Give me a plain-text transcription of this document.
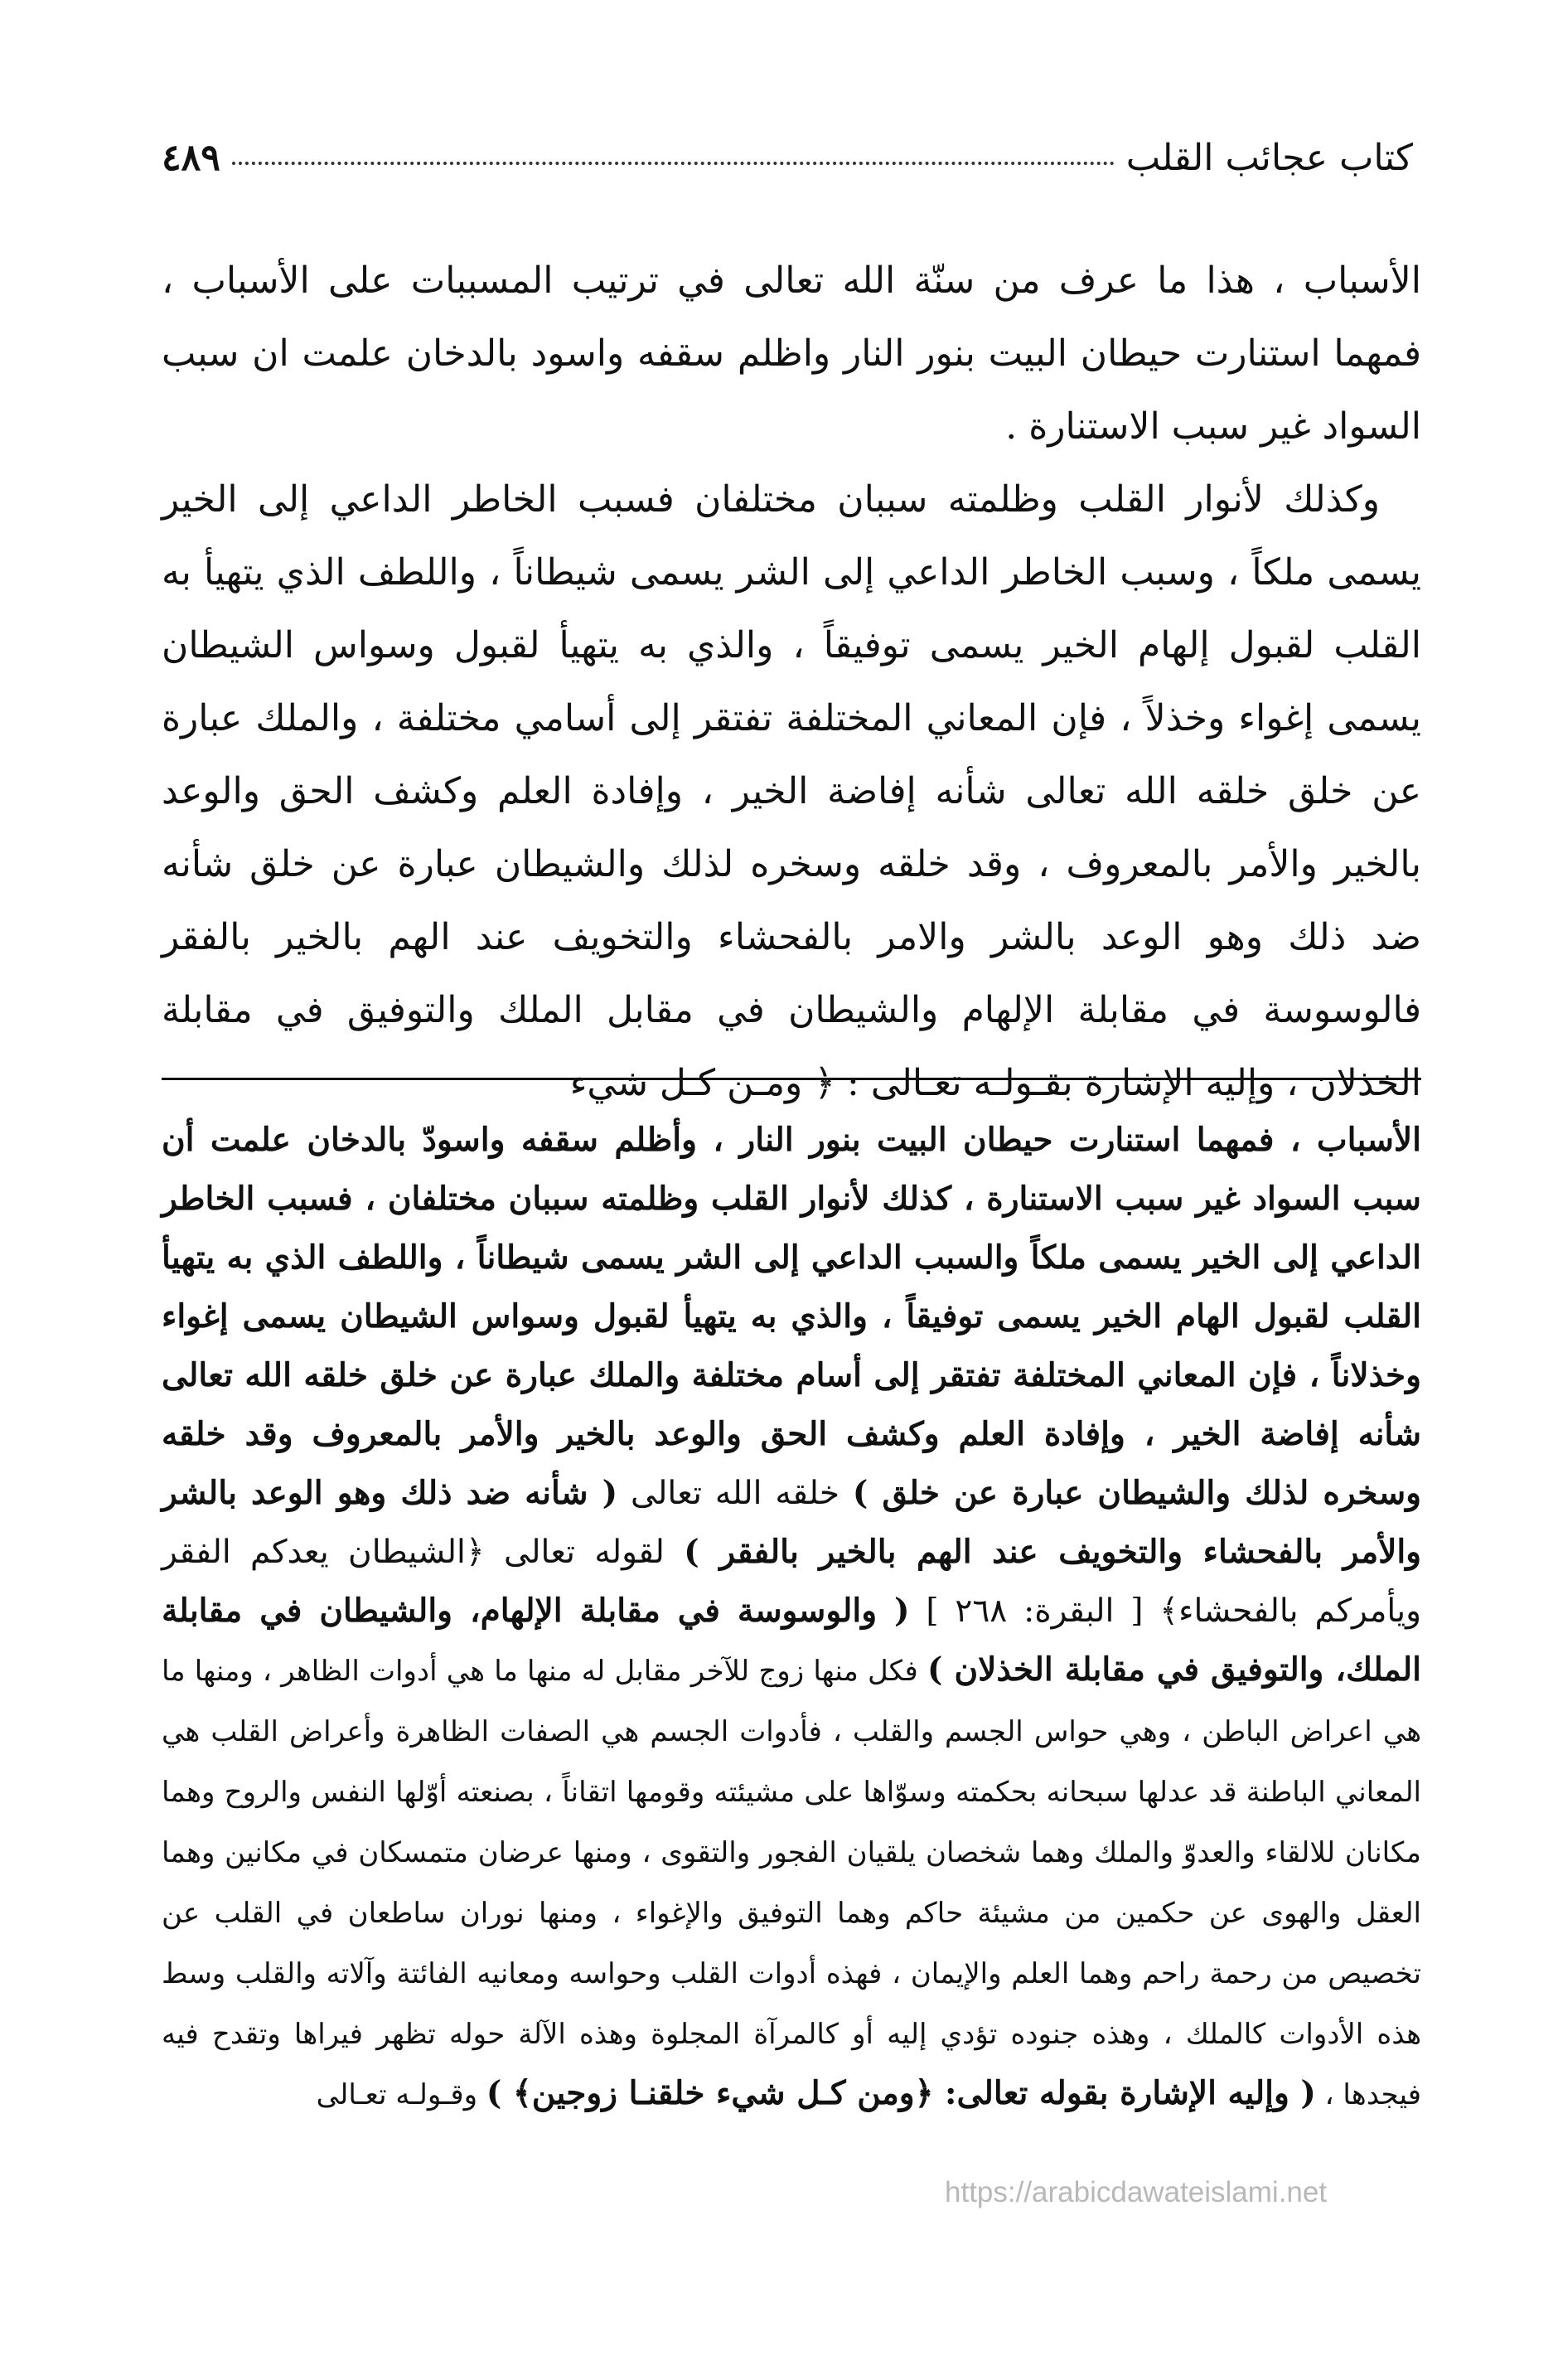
كتاب عجائب القلب
٤٨٩

الأسباب ، هذا ما عرف من سنّة الله تعالى في ترتيب المسببات على الأسباب ، فمهما استنارت حيطان البيت بنور النار واظلم سقفه واسود بالدخان علمت ان سبب السواد غير سبب الاستنارة .

وكذلك لأنوار القلب وظلمته سببان مختلفان فسبب الخاطر الداعي إلى الخير يسمى ملكاً ، وسبب الخاطر الداعي إلى الشر يسمى شيطاناً ، واللطف الذي يتهيأ به القلب لقبول إلهام الخير يسمى توفيقاً ، والذي به يتهيأ لقبول وسواس الشيطان يسمى إغواء وخذلاً ، فإن المعاني المختلفة تفتقر إلى أسامي مختلفة ، والملك عبارة عن خلق خلقه الله تعالى شأنه إفاضة الخير ، وإفادة العلم وكشف الحق والوعد بالخير والأمر بالمعروف ، وقد خلقه وسخره لذلك والشيطان عبارة عن خلق شأنه ضد ذلك وهو الوعد بالشر والامر بالفحشاء والتخويف عند الهم بالخير بالفقر فالوسوسة في مقابلة الإلهام والشيطان في مقابل الملك والتوفيق في مقابلة الخذلان ، وإليه الإشارة بقـولـه تعـالى : ﴿ ومـن كـل شيء

الأسباب ، فمهما استنارت حيطان البيت بنور النار ، وأظلم سقفه واسودّ بالدخان علمت أن سبب السواد غير سبب الاستنارة ، كذلك لأنوار القلب وظلمته سببان مختلفان ، فسبب الخاطر الداعي إلى الخير يسمى ملكاً والسبب الداعي إلى الشر يسمى شيطاناً ، واللطف الذي به يتهيأ القلب لقبول الهام الخير يسمى توفيقاً ، والذي به يتهيأ لقبول وسواس الشيطان يسمى إغواء وخذلاناً ، فإن المعاني المختلفة تفتقر إلى أسام مختلفة والملك عبارة عن خلق خلقه الله تعالى شأنه إفاضة الخير ، وإفادة العلم وكشف الحق والوعد بالخير والأمر بالمعروف وقد خلقه وسخره لذلك والشيطان عبارة عن خلق ) خلقه الله تعالى ( شأنه ضد ذلك وهو الوعد بالشر والأمر بالفحشاء والتخويف عند الهم بالخير بالفقر ) لقوله تعالى ﴿الشيطان يعدكم الفقر ويأمركم بالفحشاء﴾ [ البقرة: ٢٦٨ ] ( والوسوسة في مقابلة الإلهام، والشيطان في مقابلة الملك، والتوفيق في مقابلة الخذلان ) فكل منها زوج للآخر مقابل له منها ما هي أدوات الظاهر ، ومنها ما هي اعراض الباطن ، وهي حواس الجسم والقلب ، فأدوات الجسم هي الصفات الظاهرة وأعراض القلب هي المعاني الباطنة قد عدلها سبحانه بحكمته وسوّاها على مشيئته وقومها اتقاناً ، بصنعته أوّلها النفس والروح وهما مكانان للالقاء والعدوّ والملك وهما شخصان يلقيان الفجور والتقوى ، ومنها عرضان متمسكان في مكانين وهما العقل والهوى عن حكمين من مشيئة حاكم وهما التوفيق والإغواء ، ومنها نوران ساطعان في القلب عن تخصيص من رحمة راحم وهما العلم والإيمان ، فهذه أدوات القلب وحواسه ومعانيه الفائتة وآلاته والقلب وسط هذه الأدوات كالملك ، وهذه جنوده تؤدي إليه أو كالمرآة المجلوة وهذه الآلة حوله تظهر فيراها وتقدح فيه فيجدها ، ( وإليه الإشارة بقوله تعالى: ﴿ومن كـل شيء خلقنـا زوجين﴾ ) وقـولـه تعـالى

https://arabicdawateislami.net
